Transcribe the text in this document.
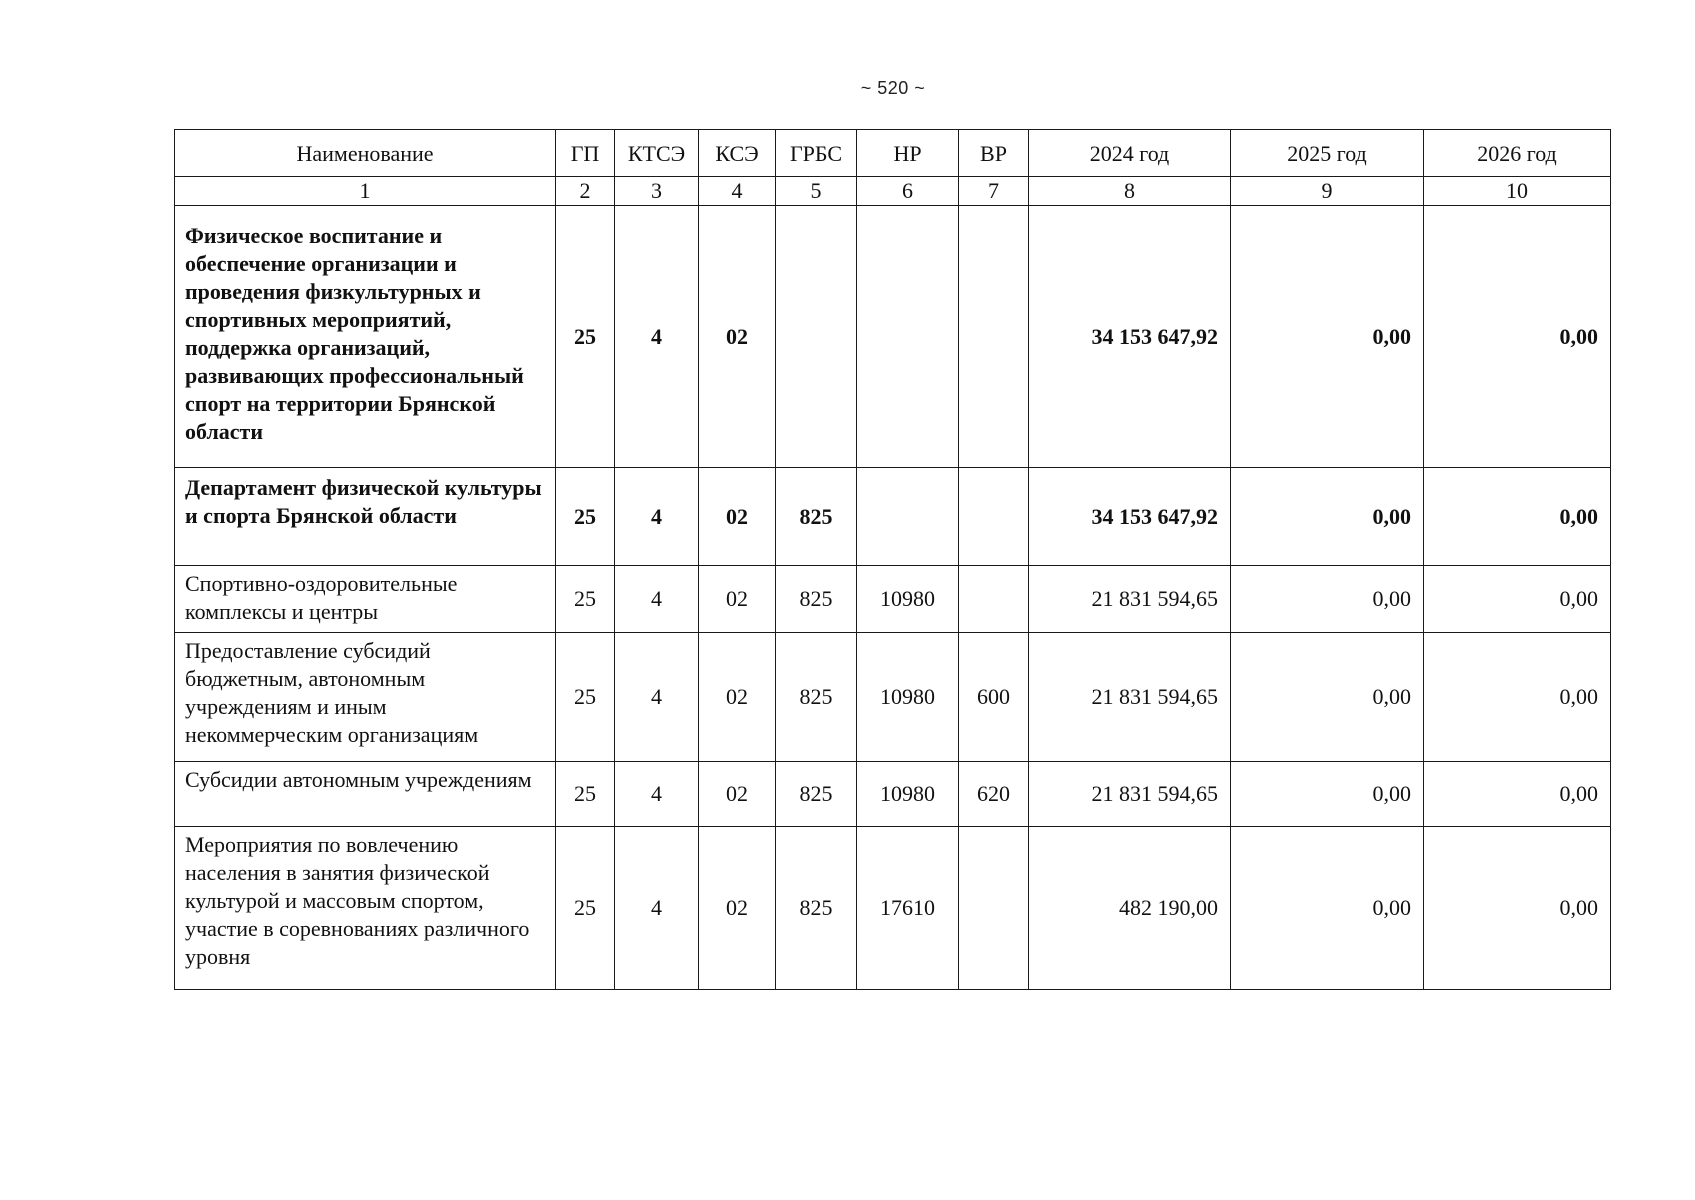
~ 520 ~
Наименование	ГП	КТСЭ	КСЭ	ГРБС	НР	ВР	2024 год	2025 год	2026 год
1	2	3	4	5	6	7	8	9	10
Физическое воспитание и обеспечение организации и проведения физкультурных и спортивных мероприятий, поддержка организаций, развивающих профессиональный спорт на территории Брянской области	25	4	02				34 153 647,92	0,00	0,00
Департамент физической культуры и спорта Брянской области	25	4	02	825			34 153 647,92	0,00	0,00
Спортивно-оздоровительные комплексы и центры	25	4	02	825	10980		21 831 594,65	0,00	0,00
Предоставление субсидий бюджетным, автономным учреждениям и иным некоммерческим организациям	25	4	02	825	10980	600	21 831 594,65	0,00	0,00
Субсидии автономным учреждениям	25	4	02	825	10980	620	21 831 594,65	0,00	0,00
Мероприятия по вовлечению населения в занятия физической культурой и массовым спортом, участие в соревнованиях различного уровня	25	4	02	825	17610		482 190,00	0,00	0,00
